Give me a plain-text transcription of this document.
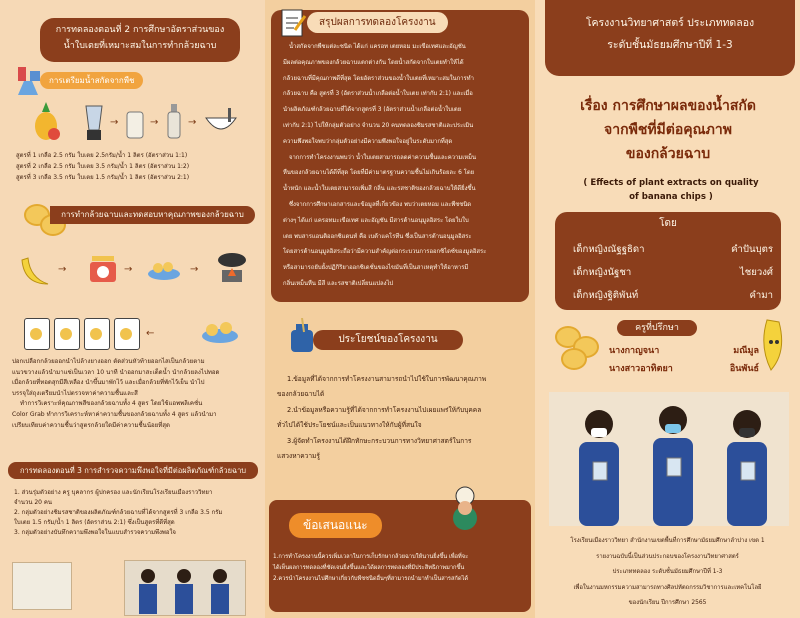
การทดลองตอนที่ 2 การศึกษาอัตราส่วนของ
น้ำใบเตยที่เหมาะสมในการทำกล้วยฉาบ
การเตรียมน้ำสกัดจากพืช
→	→	→
สูตรที่ 1 เกลือ 2.5 กรัม ใบเตย 2.5กรัม/น้ำ 1 ลิตร (อัตราส่วน 1:1)
สูตรที่ 2 เกลือ 2.5 กรัม ใบเตย 3.5 กรัม/น้ำ 1 ลิตร (อัตราส่วน 1:2)
สูตรที่ 3 เกลือ 3.5 กรัม ใบเตย 1.5 กรัม/น้ำ 1 ลิตร (อัตราส่วน 2:1)
การทำกล้วยฉาบและทดสอบหาคุณภาพของกล้วยฉาบ
→	→	→
←
ปอกเปลือกกล้วยออกนำไปล้างยางออก ตัดส่วนหัวท้ายออกไสเป็นกล้วยตาม
แนวขวางแล้วนำมาแช่เป็นเวลา 10 นาที นำออกมาสะเด็ดน้ำ นำกล้วยลงไปทอด
เมื่อกล้วยที่ทอดสุกมีสีเหลือง นำขึ้นมาพักไว้ และเมื่อกล้วยที่พักไว้เย็น นำไป
บรรจุใส่ถุงเตรียมนำไปตรวจหาค่าความชื้นและสี
ทำการวิเคราะห์คุณภาพสีของกล้วยฉาบทั้ง 4 สูตร โดยใช้แอพพลิเคชั่น
Color Grab ทำการวิเคราะห์หาค่าความชื้นของกล้วยฉาบทั้ง 4 สูตร แล้วนำมา
เปรียบเทียบค่าความชื้นว่าสูตรกล้วยใดมีค่าความชื้นน้อยที่สุด
การทดลองตอนที่ 3 การสำรวจความพึงพอใจที่มีต่อผลิตภัณฑ์กล้วยฉาบ
1. ส่วนรุ่มตัวอย่าง ครู บุคลากร ผู้ปกครอง และนักเรียนโรงเรียนเมืองราววิทยา
จำนวน 20 คน
2. กลุ่มตัวอย่างชิมรสชาติของผลิตภัณฑ์กล้วยฉาบที่ได้จากสูตรที่ 3 เกลือ 3.5 กรัม
ใบเตย 1.5 กรัม/น้ำ 1 ลิตร (อัตราส่วน 2:1) ซึ่งเป็นสูตรที่ดีที่สุด
3. กลุ่มตัวอย่างบันทึกความพึงพอใจในแบบสำรวจความพึงพอใจ
สรุปผลการทดลองโครงงาน
น้ำสกัดจากพืชแต่ละชนิด ได้แก่ แครอท เตยหอม มะเขือเทศและอัญชัน
มีผลต่อคุณภาพของกล้วยฉาบแตกต่างกัน โดยน้ำสกัดจากใบเตยทำให้ได้
กล้วยฉาบที่มีคุณภาพดีที่สุด โดยอัตราส่วนของน้ำใบเตยที่เหมาะสมในการทำ
กล้วยฉาบ คือ สูตรที่ 3 (อัตราส่วนน้ำเกลือต่อน้ำใบเตย เท่ากับ 2:1) และเมื่อ
นำผลิตภัณฑ์กล้วยฉาบที่ได้จากสูตรที่ 3 (อัตราส่วนน้ำเกลือต่อน้ำใบเตย
เท่ากับ 2:1) ไปให้กลุ่มตัวอย่าง จำนวน 20 คนทดลองชิมรสชาติและประเมิน
ความพึงพอใจพบว่ากลุ่มตัวอย่างมีความพึงพอใจอยู่ในระดับมากที่สุด
จากการทำโครงงานพบว่า น้ำใบเตยสามารถลดค่าความชื้นและความเหม็น
หืนของกล้วยฉาบได้ดีที่สุด โดยที่มีค่ามาตรฐานความชื้นไม่เกินร้อยละ 6 โดย
น้ำหนัก และน้ำใบเตยสามารถเพิ่มสี กลิ่น และรสชาติของกล้วยฉาบให้ดียิ่งขึ้น
ซึ่งจากการศึกษาเอกสารและข้อมูลที่เกี่ยวข้อง พบว่าเตยหอม และพืชชนิด
ต่างๆ ได้แก่ แครอทมะเขือเทศ และอัญชัน มีสารต้านอนุมูลอิสระ โดยใบใบ
เตย พบสารแอนติออกซิแดนท์ คือ เบต้าแคโรทีน ซึ่งเป็นสารต้านอนุมูลอิสระ
โดยสารต้านอนุมูลอิสระถือว่ามีความสำคัญต่อกระบวนการออกซิไดซ์ของมูลอิสระ
หรือสามารถยับยั้งปฏิกิริยาออกซิเดชั่นของไขมันที่เป็นสาเหตุทำให้อาหารมี
กลิ่นเหม็นหืน มีสี และรสชาติเปลี่ยนแปลงไป
ประโยชน์ของโครงงาน
1.ข้อมูลที่ได้จากการทำโครงงานสามารถนำไปใช้ในการพัฒนาคุณภาพ
ของกล้วยฉาบได้
2.นำข้อมูลหรือความรู้ที่ได้จากการทำโครงงานไปเผยแพร่ให้กับบุคคล
ทั่วไปได้ใช้ประโยชน์และเป็นแนวทางให้กับผู้ที่สนใจ
3.ผู้จัดทำโครงงานได้ฝึกทักษะกระบวนการทางวิทยาศาสตร์ในการ
แสวงหาความรู้
ข้อเสนอแนะ
1.การทำโครงงานนี้ควรเพิ่มเวลาในการเก็บรักษากล้วยฉาบให้นานยิ่งขึ้น เพื่อที่จะ
ได้เห็นผลการทดลองที่ชัดเจนยิ่งขึ้นและได้ผลการทดลองที่มีประสิทธิภาพมากขึ้น
2.ควรนำโครงงานไปศึกษาเกี่ยวกับพืชชนิดอื่นๆที่สามารถนำมาทำเป็นสารสกัดได้
โครงงานวิทยาศาสตร์ ประเภททดลอง
ระดับชั้นมัธยมศึกษาปีที่ 1-3
เรื่อง การศึกษาผลของน้ำสกัด
จากพืชที่มีต่อคุณภาพ
ของกล้วยฉาบ
( Effects of plant extracts on quality
of banana chips )
โดย
เด็กหญิงณัฐฐธิดา	คำปันบุตร
เด็กหญิงนัฐชา	ไชยวงศ์
เด็กหญิงฐิติพันท์	คำมา
ครูที่ปรึกษา
นางกาญจนา	มณีมูล
นางสาวอาทิตยา	อินพันธ์
โรงเรียนเมืองราววิทยา สำนักงานเขตพื้นที่การศึกษามัธยมศึกษาลำปาง เขต 1
รายงานฉบับนี้เป็นส่วนประกอบของโครงงานวิทยาศาสตร์
ประเภททดลอง ระดับชั้นมัธยมศึกษาปีที่ 1-3
เพื่อในงานมหกรรมความสามารถทางศิลปหัตถกรรมวิชาการและเทคโนโลยี
ของนักเรียน ปีการศึกษา 2565
